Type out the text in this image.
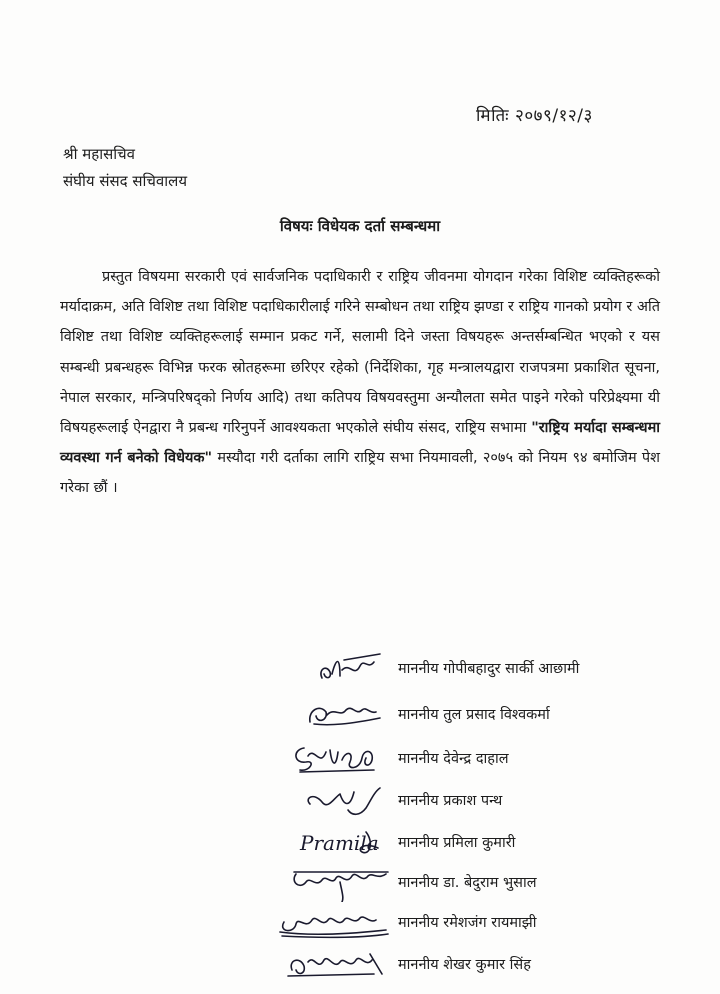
मितिः २०७९/१२/३
श्री महासचिव
संघीय संसद सचिवालय
विषयः विधेयक दर्ता सम्बन्धमा
प्रस्तुत विषयमा सरकारी एवं सार्वजनिक पदाधिकारी र राष्ट्रिय जीवनमा योगदान गरेका विशिष्ट व्यक्तिहरूको मर्यादाक्रम, अति विशिष्ट तथा विशिष्ट पदाधिकारीलाई गरिने सम्बोधन तथा राष्ट्रिय झण्डा र राष्ट्रिय गानको प्रयोग र अति विशिष्ट तथा विशिष्ट व्यक्तिहरूलाई सम्मान प्रकट गर्ने, सलामी दिने जस्ता विषयहरू अन्तर्सम्बन्धित भएको र यस सम्बन्धी प्रबन्धहरू विभिन्न फरक स्रोतहरूमा छरिएर रहेको (निर्देशिका, गृह मन्त्रालयद्वारा राजपत्रमा प्रकाशित सूचना, नेपाल सरकार, मन्त्रिपरिषद्को निर्णय आदि) तथा कतिपय विषयवस्तुमा अन्यौलता समेत पाइने गरेको परिप्रेक्ष्यमा यी विषयहरूलाई ऐनद्वारा नै प्रबन्ध गरिनुपर्ने आवश्यकता भएकोले संघीय संसद, राष्ट्रिय सभामा "राष्ट्रिय मर्यादा सम्बन्धमा व्यवस्था गर्न बनेको विधेयक" मस्यौदा गरी दर्ताका लागि राष्ट्रिय सभा नियमावली, २०७५ को नियम ९४ बमोजिम पेश गरेका छौं ।
माननीय गोपीबहादुर सार्की आछामी
माननीय तुल प्रसाद विश्वकर्मा
माननीय देवेन्द्र दाहाल
माननीय प्रकाश पन्थ
Pramila माननीय प्रमिला कुमारी
माननीय डा. बेदुराम भुसाल
माननीय रमेशजंग रायमाझी
माननीय शेखर कुमार सिंह
